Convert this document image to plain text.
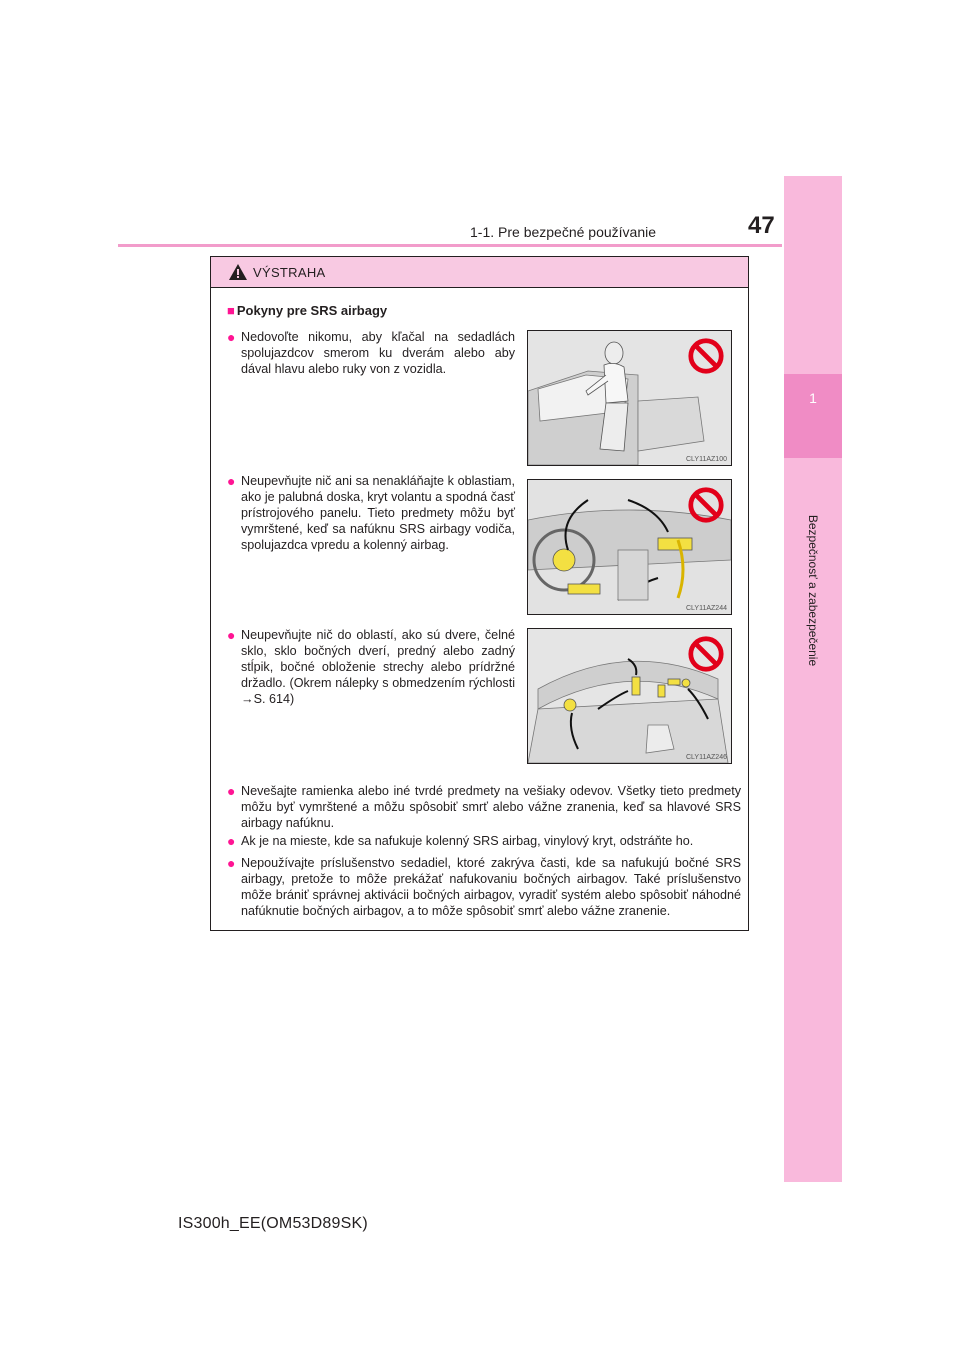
1-1. Pre bezpečné používanie	47
1
Bezpečnosť a zabezpečenie
VÝSTRAHA
■ Pokyny pre SRS airbagy
● Nedovoľte nikomu, aby kľačal na sedadlách spolujazdcov smerom ku dverám alebo aby dával hlavu alebo ruky von z vozidla.
CLY11AZ100
● Neupevňujte nič ani sa nenakláňajte k oblastiam, ako je palubná doska, kryt volantu a spodná časť prístrojového panelu. Tieto predmety môžu byť vymrštené, keď sa nafúknu SRS airbagy vodiča, spolujazdca vpredu a kolenný airbag.
CLY11AZ244
● Neupevňujte nič do oblastí, ako sú dvere, čelné sklo, sklo bočných dverí, predný alebo zadný stĺpik, bočné obloženie strechy alebo prídržné držadlo. (Okrem nálepky s obmedzením rýchlosti →S. 614)
CLY11AZ246
● Nevešajte ramienka alebo iné tvrdé predmety na vešiaky odevov. Všetky tieto predmety môžu byť vymrštené a môžu spôsobiť smrť alebo vážne zranenia, keď sa hlavové SRS airbagy nafúknu.
● Ak je na mieste, kde sa nafukuje kolenný SRS airbag, vinylový kryt, odstráňte ho.
● Nepoužívajte príslušenstvo sedadiel, ktoré zakrýva časti, kde sa nafukujú bočné SRS airbagy, pretože to môže prekážať nafukovaniu bočných airbagov. Také príslušenstvo môže brániť správnej aktivácii bočných airbagov, vyradiť systém alebo spôsobiť náhodné nafúknutie bočných airbagov, a to môže spôsobiť smrť alebo vážne zranenie.
IS300h_EE(OM53D89SK)
